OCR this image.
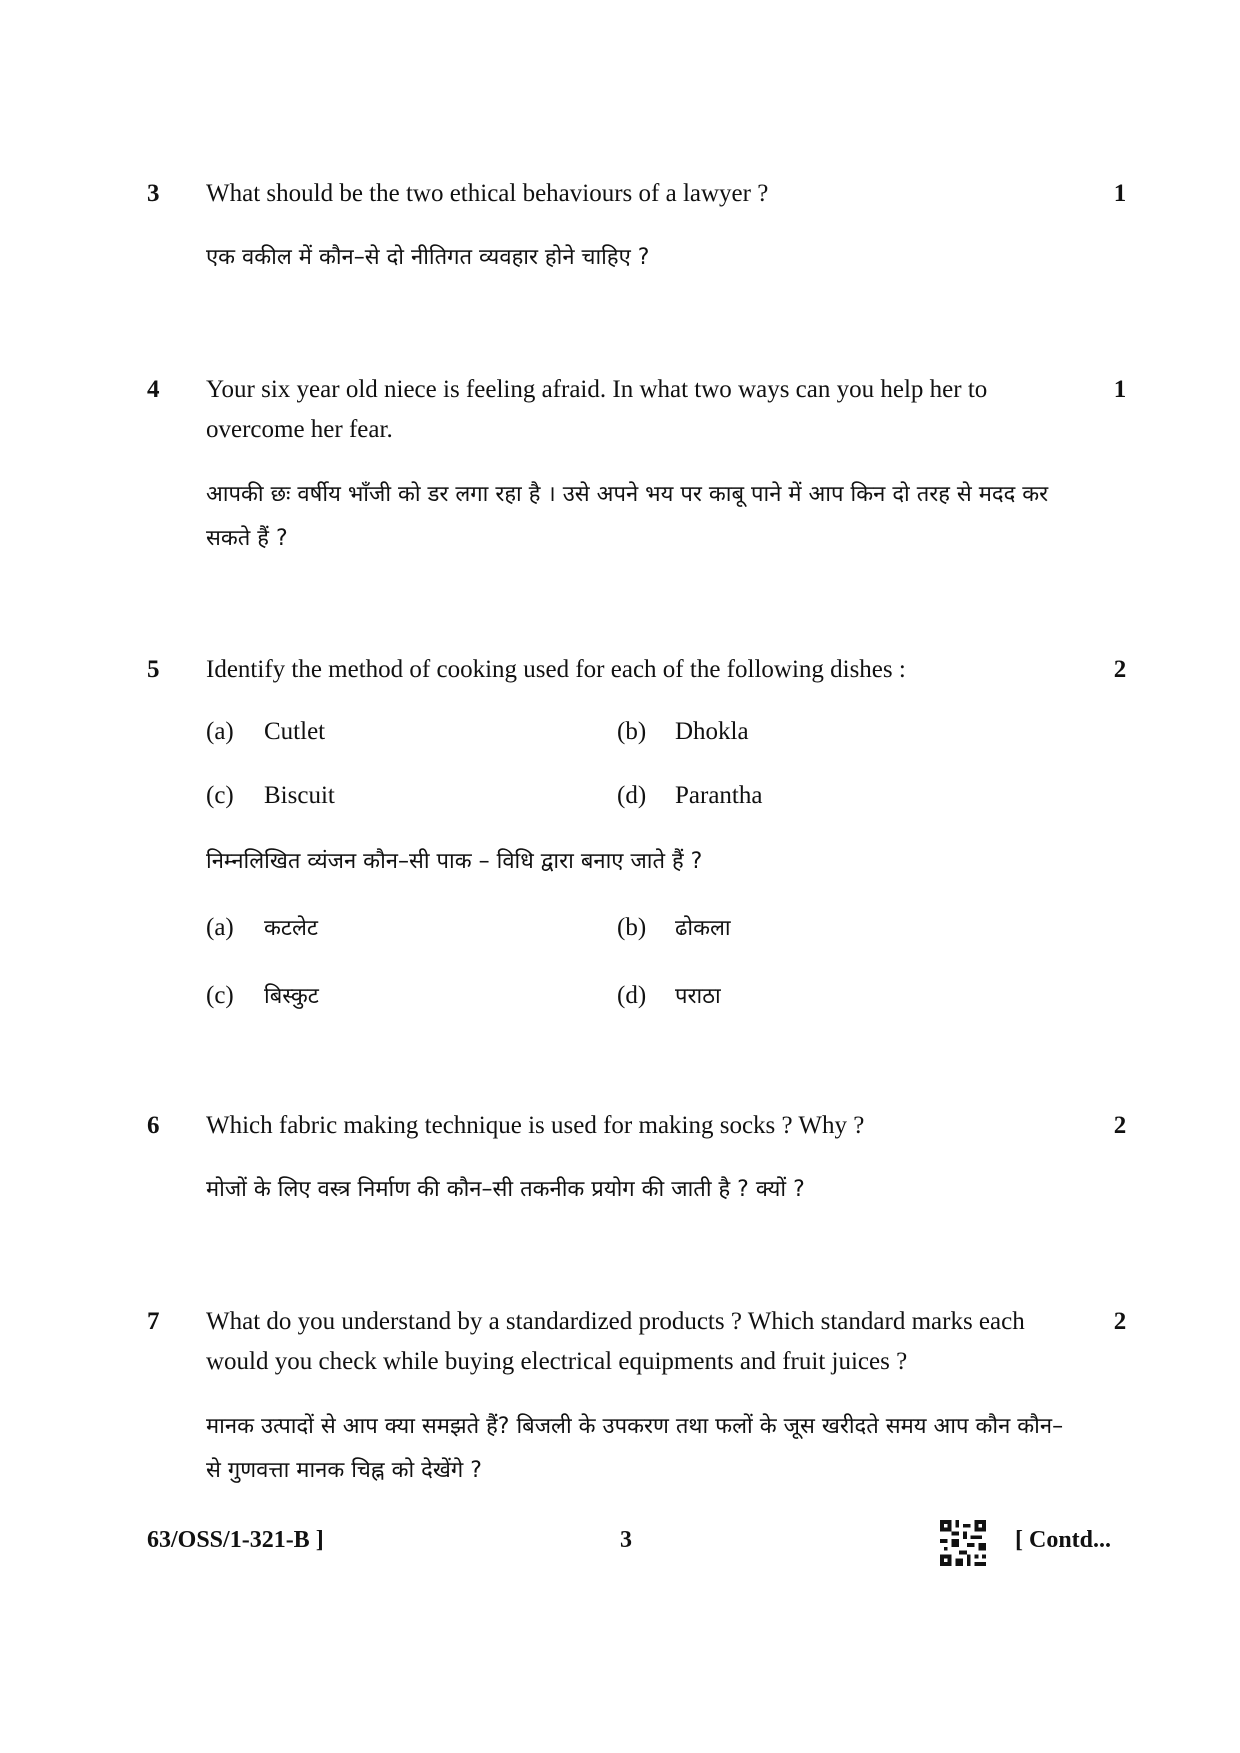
3 What should be the two ethical behaviours of a lawyer ?	1
एक वकील में कौन–से दो नीतिगत व्यवहार होने चाहिए ?
4 Your six year old niece is feeling afraid. In what two ways can you help her to overcome her fear.
1
आपकी छः वर्षीय भाँजी को डर लगा रहा है । उसे अपने भय पर काबू पाने में आप किन दो तरह से मदद कर सकते हैं ?
5 Identify the method of cooking used for each of the following dishes :	2
(a) Cutlet	(b) Dhokla
(c) Biscuit	(d) Parantha
निम्नलिखित व्यंजन कौन–सी पाक – विधि द्वारा बनाए जाते हैं ?
(a) कटलेट	(b) ढोकला
(c) बिस्कुट	(d) पराठा
6 Which fabric making technique is used for making socks ? Why ?	2
मोजों के लिए वस्त्र निर्माण की कौन–सी तकनीक प्रयोग की जाती है ? क्यों ?
7 What do you understand by a standardized products ? Which standard marks each would you check while buying electrical equipments and fruit juices ?
2
मानक उत्पादों से आप क्या समझते हैं? बिजली के उपकरण तथा फलों के जूस खरीदते समय आप कौन कौन–से गुणवत्ता मानक चिह्न को देखेंगे ?
63/OSS/1-321-B ]	3	[ Contd...
